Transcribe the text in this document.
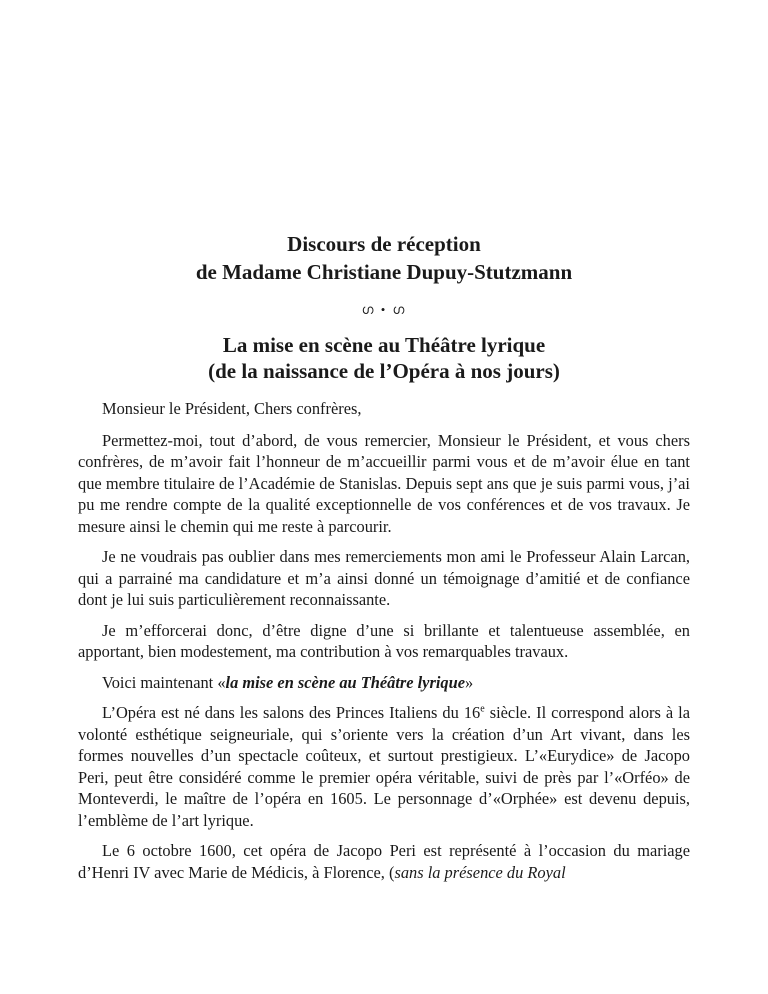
Discours de réception
de Madame Christiane Dupuy-Stutzmann
ഗ • ഗ
La mise en scène au Théâtre lyrique
(de la naissance de l’Opéra à nos jours)

Monsieur le Président, Chers confrères,

Permettez-moi, tout d’abord, de vous remercier, Monsieur le Président, et vous chers confrères, de m’avoir fait l’honneur de m’accueillir parmi vous et de m’avoir élue en tant que membre titulaire de l’Académie de Stanislas. Depuis sept ans que je suis parmi vous, j’ai pu me rendre compte de la qualité exceptionnelle de vos conférences et de vos travaux. Je mesure ainsi le chemin qui me reste à parcourir.

Je ne voudrais pas oublier dans mes remerciements mon ami le Professeur Alain Larcan, qui a parrainé ma candidature et m’a ainsi donné un témoignage d’amitié et de confiance dont je lui suis particulièrement reconnaissante.

Je m’efforcerai donc, d’être digne d’une si brillante et talentueuse assemblée, en apportant, bien modestement, ma contribution à vos remarquables travaux.

Voici maintenant «la mise en scène au Théâtre lyrique»

L’Opéra est né dans les salons des Princes Italiens du 16e siècle. Il correspond alors à la volonté esthétique seigneuriale, qui s’oriente vers la création d’un Art vivant, dans les formes nouvelles d’un spectacle coûteux, et surtout prestigieux. L’«Eurydice» de Jacopo Peri, peut être considéré comme le premier opéra véritable, suivi de près par l’«Orféo» de Monteverdi, le maître de l’opéra en 1605. Le personnage d’«Orphée» est devenu depuis, l’emblème de l’art lyrique.

Le 6 octobre 1600, cet opéra de Jacopo Peri est représenté à l’occasion du mariage d’Henri IV avec Marie de Médicis, à Florence, (sans la présence du Royal
